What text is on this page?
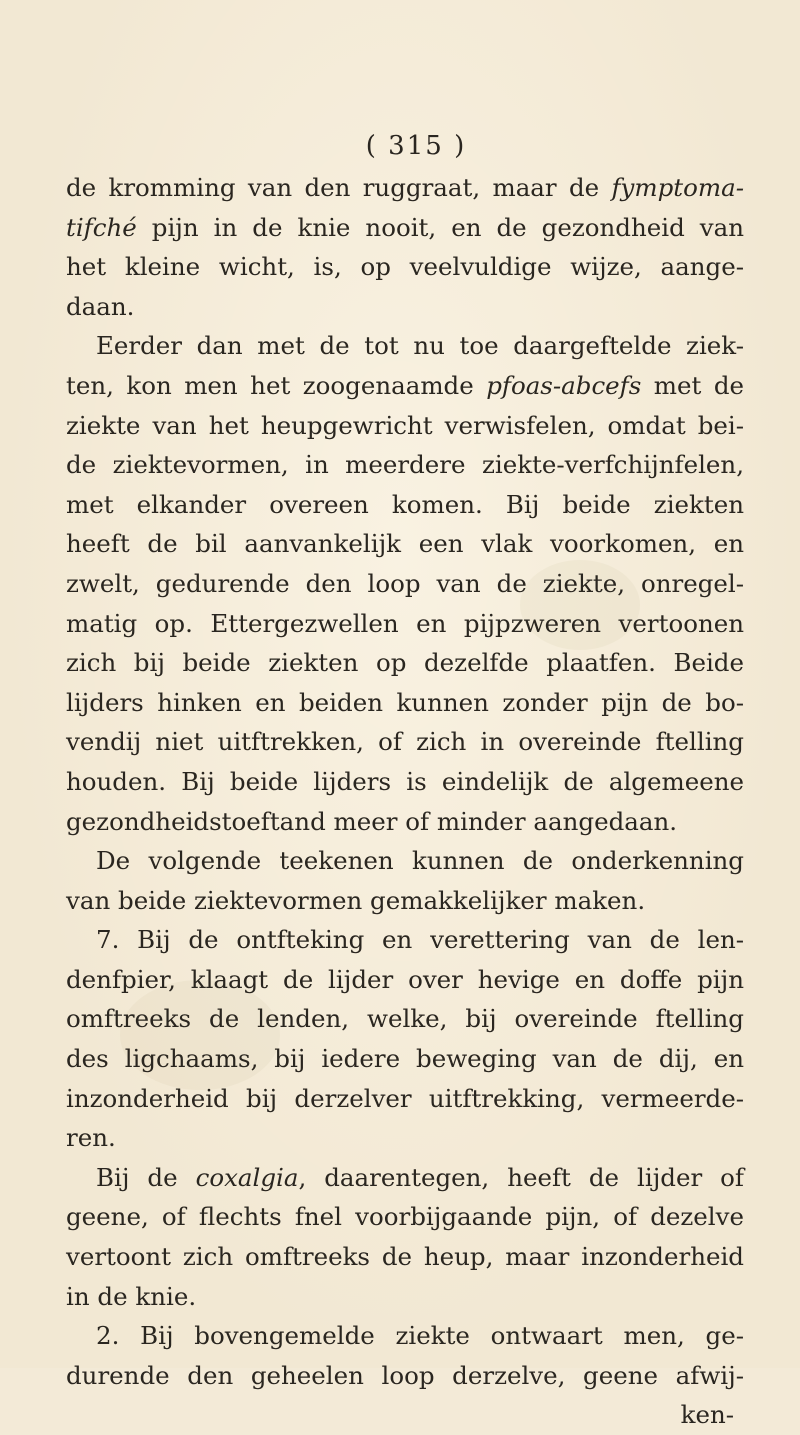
( 315 )
de kromming van den ruggraat, maar de fymptoma-
tifché pijn in de knie nooit, en de gezondheid van
het kleine wicht, is, op veelvuldige wijze, aange-
daan.
Eerder dan met de tot nu toe daargeftelde ziek-
ten, kon men het zoogenaamde pfoas-abcefs met de
ziekte van het heupgewricht verwisfelen, omdat bei-
de ziektevormen, in meerdere ziekte-verfchijnfelen,
met elkander overeen komen. Bij beide ziekten
heeft de bil aanvankelijk een vlak voorkomen, en
zwelt, gedurende den loop van de ziekte, onregel-
matig op. Ettergezwellen en pijpzweren vertoonen
zich bij beide ziekten op dezelfde plaatfen. Beide
lijders hinken en beiden kunnen zonder pijn de bo-
vendij niet uitftrekken, of zich in overeinde ftelling
houden. Bij beide lijders is eindelijk de algemeene
gezondheidstoeftand meer of minder aangedaan.
De volgende teekenen kunnen de onderkenning
van beide ziektevormen gemakkelijker maken.
7. Bij de ontfteking en verettering van de len-
denfpier, klaagt de lijder over hevige en doffe pijn
omftreeks de lenden, welke, bij overeinde ftelling
des ligchaams, bij iedere beweging van de dij, en
inzonderheid bij derzelver uitftrekking, vermeerde-
ren.
Bij de coxalgia, daarentegen, heeft de lijder of
geene, of flechts fnel voorbijgaande pijn, of dezelve
vertoont zich omftreeks de heup, maar inzonderheid
in de knie.
2. Bij bovengemelde ziekte ontwaart men, ge-
durende den geheelen loop derzelve, geene afwij-
ken-
